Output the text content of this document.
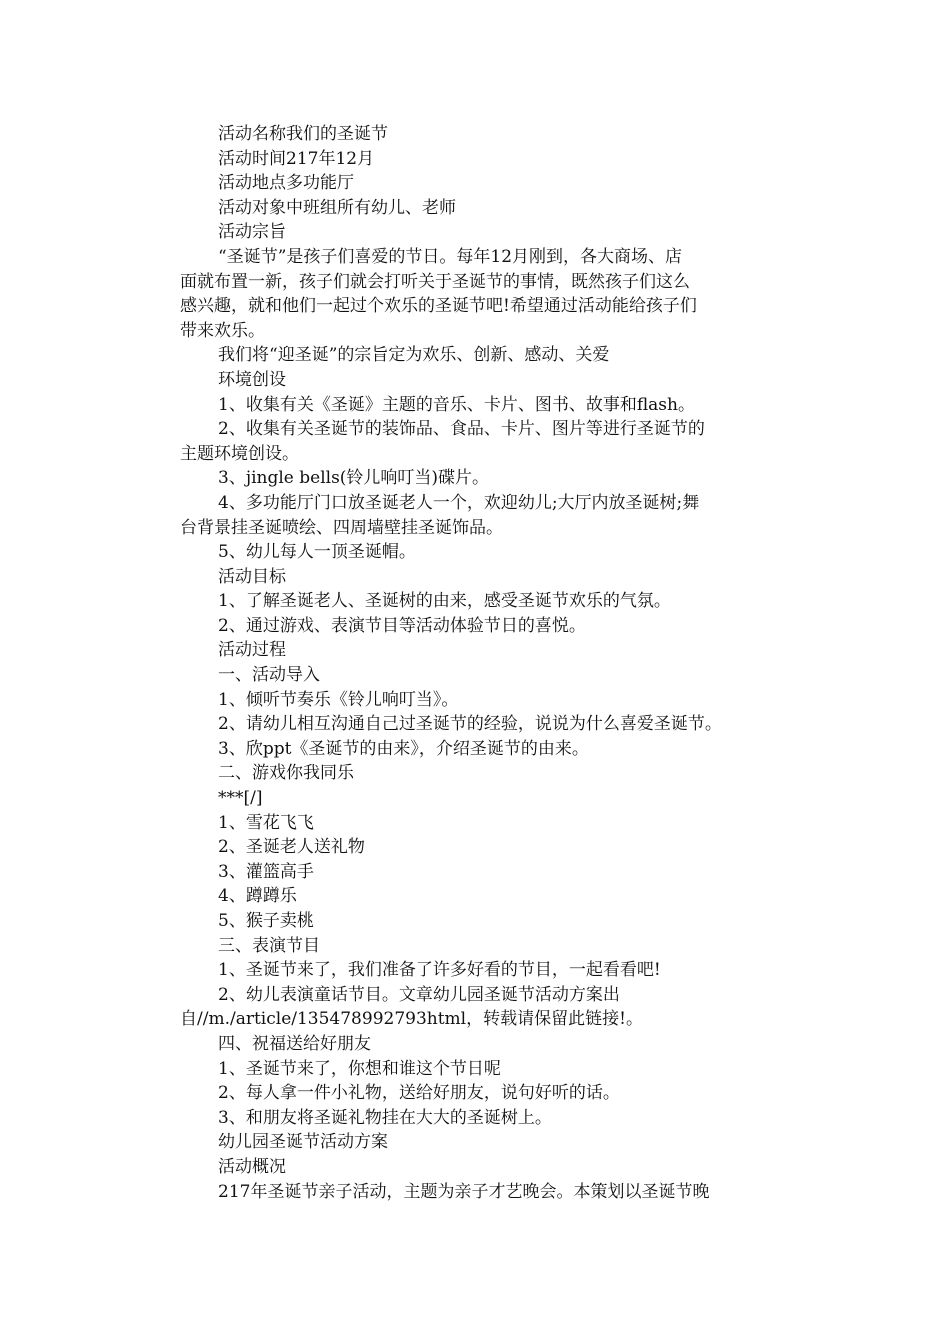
活动名称我们的圣诞节
活动时间217年12月
活动地点多功能厅
活动对象中班组所有幼儿、老师
活动宗旨
“圣诞节”是孩子们喜爱的节日。每年12月刚到，各大商场、店
面就布置一新，孩子们就会打听关于圣诞节的事情，既然孩子们这么
感兴趣，就和他们一起过个欢乐的圣诞节吧!希望通过活动能给孩子们
带来欢乐。
我们将“迎圣诞”的宗旨定为欢乐、创新、感动、关爱
环境创设
1、收集有关《圣诞》主题的音乐、卡片、图书、故事和flash。
2、收集有关圣诞节的装饰品、食品、卡片、图片等进行圣诞节的
主题环境创设。
3、jingle bells(铃儿响叮当)碟片。
4、多功能厅门口放圣诞老人一个，欢迎幼儿;大厅内放圣诞树;舞
台背景挂圣诞喷绘、四周墙壁挂圣诞饰品。
5、幼儿每人一顶圣诞帽。
活动目标
1、了解圣诞老人、圣诞树的由来，感受圣诞节欢乐的气氛。
2、通过游戏、表演节目等活动体验节日的喜悦。
活动过程
一、活动导入
1、倾听节奏乐《铃儿响叮当》。
2、请幼儿相互沟通自己过圣诞节的经验，说说为什么喜爱圣诞节。
3、欣ppt《圣诞节的由来》，介绍圣诞节的由来。
二、游戏你我同乐
***[/]
1、雪花飞飞
2、圣诞老人送礼物
3、灌篮高手
4、蹲蹲乐
5、猴子卖桃
三、表演节目
1、圣诞节来了，我们准备了许多好看的节目，一起看看吧!
2、幼儿表演童话节目。文章幼儿园圣诞节活动方案出
自//m./article/135478992793html，转载请保留此链接!。
四、祝福送给好朋友
1、圣诞节来了，你想和谁这个节日呢
2、每人拿一件小礼物，送给好朋友，说句好听的话。
3、和朋友将圣诞礼物挂在大大的圣诞树上。
幼儿园圣诞节活动方案
活动概况
217年圣诞节亲子活动，主题为亲子才艺晚会。本策划以圣诞节晚
